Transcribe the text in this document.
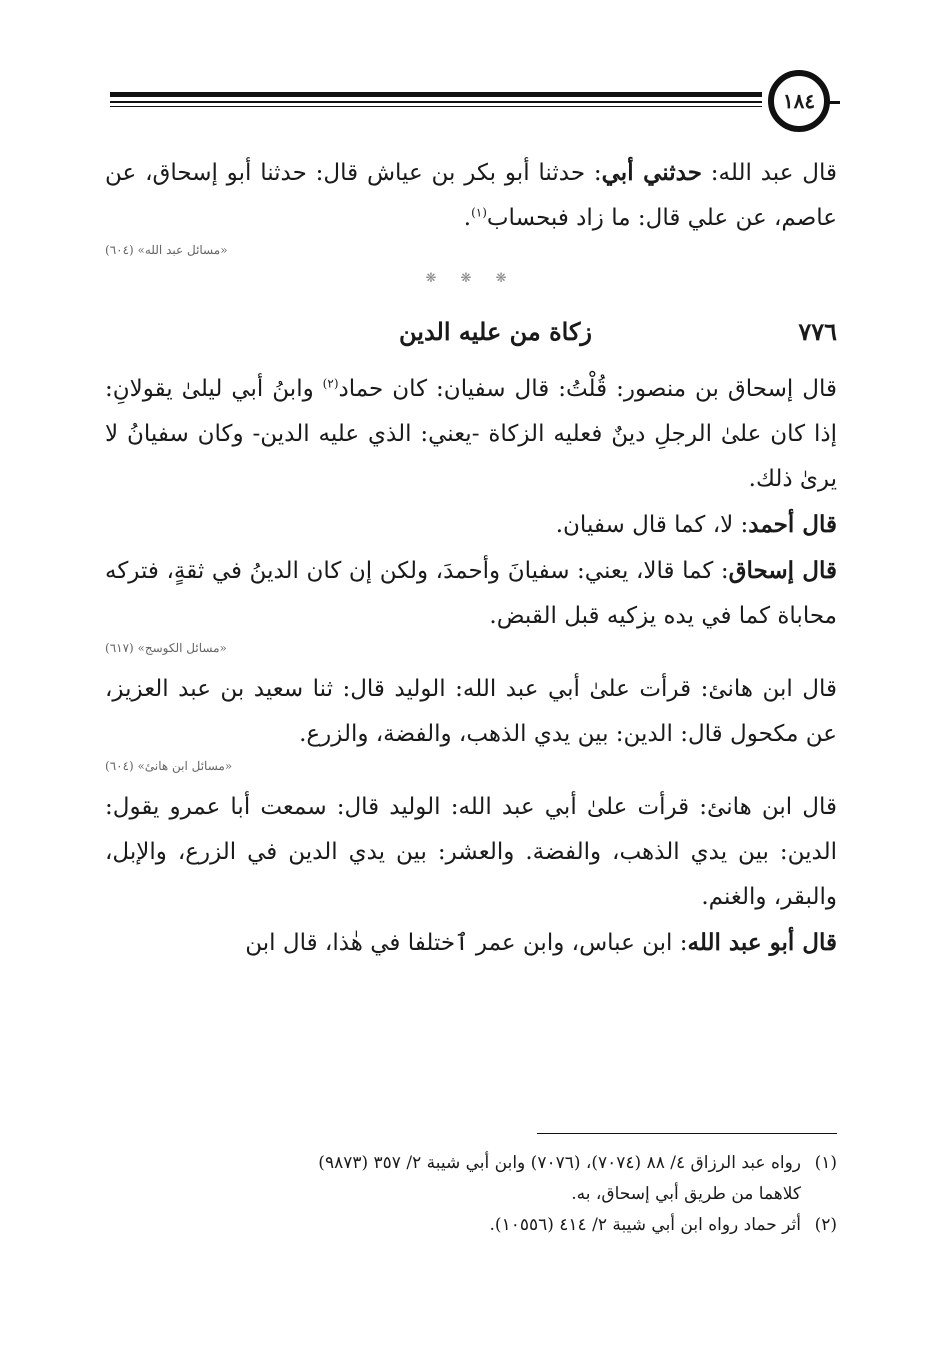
١٨٤

قال عبد الله: حدثني أبي: حدثنا أبو بكر بن عياش قال: حدثنا أبو إسحاق، عن عاصم، عن علي قال: ما زاد فبحساب$^{(١)}$.

«مسائل عبد الله» (٦٠٤)

❋ ❋ ❋
٧٧٦
زكاة من عليه الدين

قال إسحاق بن منصور: قُلْتُ: قال سفيان: كان حماد$^{(٢)}$ وابنُ أبي ليلىٰ يقولانِ: إذا كان علىٰ الرجلِ دينٌ فعليه الزكاة -يعني: الذي عليه الدين- وكان سفيانُ لا يرىٰ ذلك.

قال أحمد: لا، كما قال سفيان.

قال إسحاق: كما قالا، يعني: سفيانَ وأحمدَ، ولكن إن كان الدينُ في ثقةٍ، فتركه محاباة كما في يده يزكيه قبل القبض.

«مسائل الكوسج» (٦١٧)

قال ابن هانئ: قرأت علىٰ أبي عبد الله: الوليد قال: ثنا سعيد بن عبد العزيز، عن مكحول قال: الدين: بين يدي الذهب، والفضة، والزرع.

«مسائل ابن هانئ» (٦٠٤)

قال ابن هانئ: قرأت علىٰ أبي عبد الله: الوليد قال: سمعت أبا عمرو يقول: الدين: بين يدي الذهب، والفضة. والعشر: بين يدي الدين في الزرع، والإبل، والبقر، والغنم.

قال أبو عبد الله: ابن عباس، وابن عمر ٱختلفا في هٰذا، قال ابن

(١)رواه عبد الرزاق ٤/ ٨٨ (٧٠٧٤)، (٧٠٧٦) وابن أبي شيبة ٢/ ٣٥٧ (٩٨٧٣)

كلاهما من طريق أبي إسحاق، به.

(٢)أثر حماد رواه ابن أبي شيبة ٢/ ٤١٤ (١٠٥٥٦).
